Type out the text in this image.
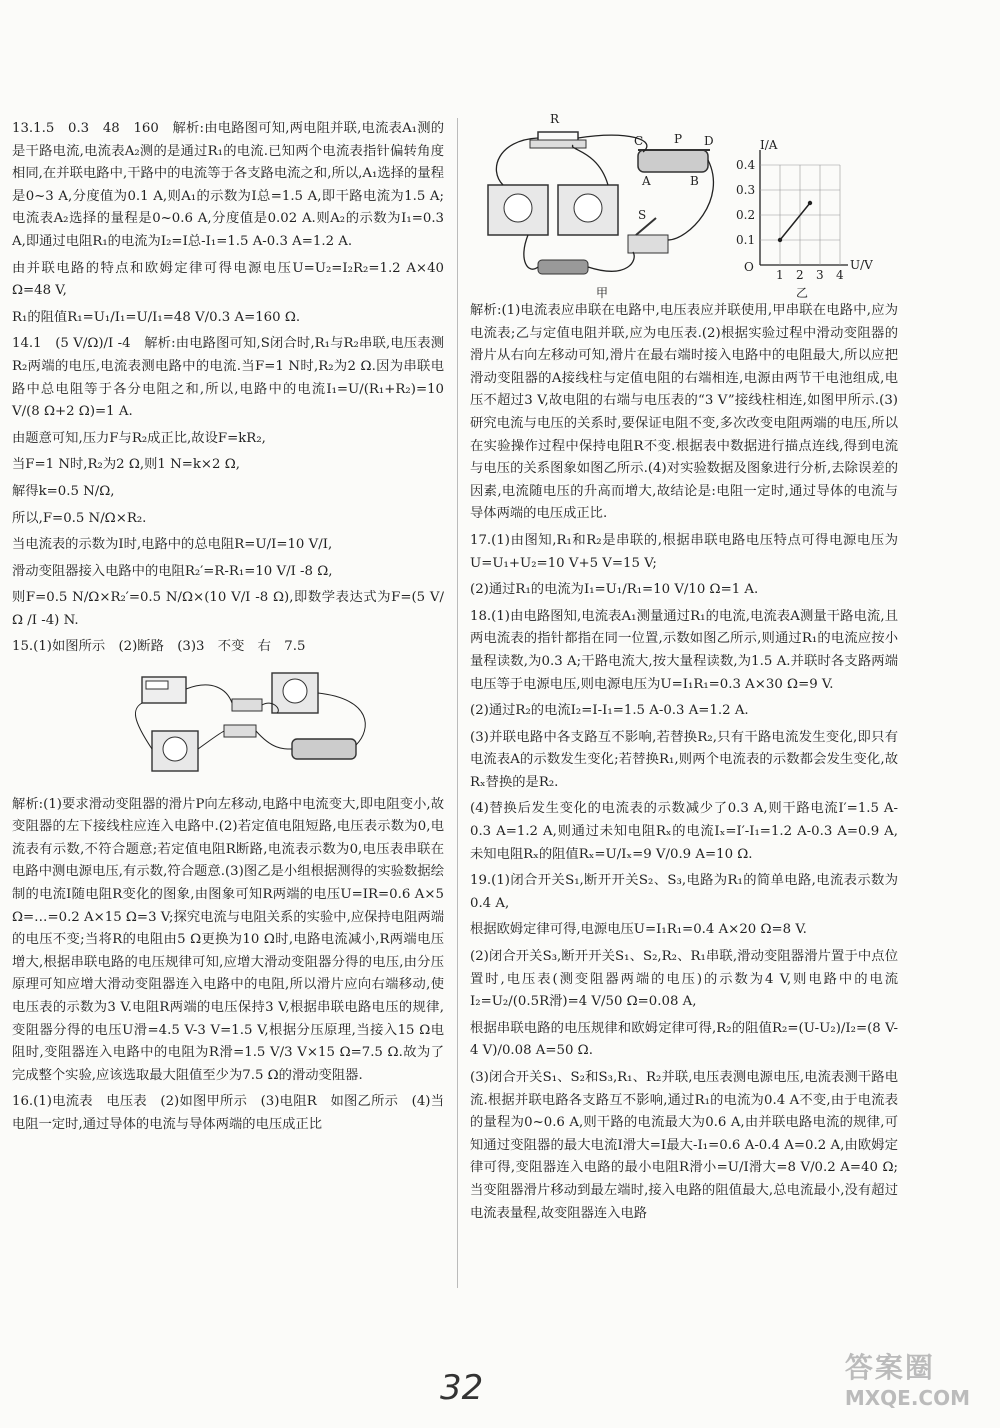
R
C	P D
A	B
S
I/A
U/V
O
0.4
0.3
0.2
0.1
1 2 3 4
甲	乙

13.1.5　0.3　48　160　解析:由电路图可知,两电阻并联,电流表A₁测的是干路电流,电流表A₂测的是通过R₁的电流.已知两个电流表指针偏转角度相同,在并联电路中,干路中的电流等于各支路电流之和,所以,A₁选择的量程是0~3 A,分度值为0.1 A,则A₁的示数为I总=1.5 A,即干路电流为1.5 A;电流表A₂选择的量程是0~0.6 A,分度值是0.02 A.则A₂的示数为I₁=0.3 A,即通过电阻R₁的电流为I₂=I总-I₁=1.5 A-0.3 A=1.2 A.

由并联电路的特点和欧姆定律可得电源电压U=U₂=I₂R₂=1.2 A×40 Ω=48 V,

R₁的阻值R₁=U₁/I₁=U/I₁=48 V/0.3 A=160 Ω.

14.1　(5 V/Ω)/I -4　解析:由电路图可知,S闭合时,R₁与R₂串联,电压表测R₂两端的电压,电流表测电路中的电流.当F=1 N时,R₂为2 Ω.因为串联电路中总电阻等于各分电阻之和,所以,电路中的电流I₁=U/(R₁+R₂)=10 V/(8 Ω+2 Ω)=1 A.

由题意可知,压力F与R₂成正比,故设F=kR₂,

当F=1 N时,R₂为2 Ω,则1 N=k×2 Ω,

解得k=0.5 N/Ω,

所以,F=0.5 N/Ω×R₂.

当电流表的示数为I时,电路中的总电阻R=U/I=10 V/I,

滑动变阻器接入电路中的电阻R₂′=R-R₁=10 V/I -8 Ω,

则F=0.5 N/Ω×R₂′=0.5 N/Ω×(10 V/I -8 Ω),即数学表达式为F=(5 V/Ω /I -4) N.

15.(1)如图所示　(2)断路　(3)3　不变　右　7.5

解析:(1)要求滑动变阻器的滑片P向左移动,电路中电流变大,即电阻变小,故变阻器的左下接线柱应连入电路中.(2)若定值电阻短路,电压表示数为0,电流表有示数,不符合题意;若定值电阻R断路,电流表示数为0,电压表串联在电路中测电源电压,有示数,符合题意.(3)图乙是小组根据测得的实验数据绘制的电流I随电阻R变化的图象,由图象可知R两端的电压U=IR=0.6 A×5 Ω=…=0.2 A×15 Ω=3 V;探究电流与电阻关系的实验中,应保持电阻两端的电压不变;当将R的电阻由5 Ω更换为10 Ω时,电路电流减小,R两端电压增大,根据串联电路的电压规律可知,应增大滑动变阻器分得的电压,由分压原理可知应增大滑动变阻器连入电路中的电阻,所以滑片应向右端移动,使电压表的示数为3 V.电阻R两端的电压保持3 V,根据串联电路电压的规律,变阻器分得的电压U滑=4.5 V-3 V=1.5 V,根据分压原理,当接入15 Ω电阻时,变阻器连入电路中的电阻为R滑=1.5 V/3 V×15 Ω=7.5 Ω.故为了完成整个实验,应该选取最大阻值至少为7.5 Ω的滑动变阻器.

16.(1)电流表　电压表　(2)如图甲所示　(3)电阻R　如图乙所示　(4)当电阻一定时,通过导体的电流与导体两端的电压成正比

解析:(1)电流表应串联在电路中,电压表应并联使用,甲串联在电路中,应为电流表;乙与定值电阻并联,应为电压表.(2)根据实验过程中滑动变阻器的滑片从右向左移动可知,滑片在最右端时接入电路中的电阻最大,所以应把滑动变阻器的A接线柱与定值电阻的右端相连,电源由两节干电池组成,电压不超过3 V,故电阻的右端与电压表的“3 V”接线柱相连,如图甲所示.(3)研究电流与电压的关系时,要保证电阻不变,多次改变电阻两端的电压,所以在实验操作过程中保持电阻R不变.根据表中数据进行描点连线,得到电流与电压的关系图象如图乙所示.(4)对实验数据及图象进行分析,去除误差的因素,电流随电压的升高而增大,故结论是:电阻一定时,通过导体的电流与导体两端的电压成正比.

17.(1)由图知,R₁和R₂是串联的,根据串联电路电压特点可得电源电压为U=U₁+U₂=10 V+5 V=15 V;

(2)通过R₁的电流为I₁=U₁/R₁=10 V/10 Ω=1 A.

18.(1)由电路图知,电流表A₁测量通过R₁的电流,电流表A测量干路电流,且两电流表的指针都指在同一位置,示数如图乙所示,则通过R₁的电流应按小量程读数,为0.3 A;干路电流大,按大量程读数,为1.5 A.并联时各支路两端电压等于电源电压,则电源电压为U=I₁R₁=0.3 A×30 Ω=9 V.

(2)通过R₂的电流I₂=I-I₁=1.5 A-0.3 A=1.2 A.

(3)并联电路中各支路互不影响,若替换R₂,只有干路电流发生变化,即只有电流表A的示数发生变化;若替换R₁,则两个电流表的示数都会发生变化,故Rₓ替换的是R₂.

(4)替换后发生变化的电流表的示数减少了0.3 A,则干路电流I′=1.5 A-0.3 A=1.2 A,则通过未知电阻Rₓ的电流Iₓ=I′-I₁=1.2 A-0.3 A=0.9 A,未知电阻Rₓ的阻值Rₓ=U/Iₓ=9 V/0.9 A=10 Ω.

19.(1)闭合开关S₁,断开开关S₂、S₃,电路为R₁的简单电路,电流表示数为0.4 A,

根据欧姆定律可得,电源电压U=I₁R₁=0.4 A×20 Ω=8 V.

(2)闭合开关S₃,断开开关S₁、S₂,R₂、R₁串联,滑动变阻器滑片置于中点位置时,电压表(测变阻器两端的电压)的示数为4 V,则电路中的电流I₂=U₂/(0.5R滑)=4 V/50 Ω=0.08 A,

根据串联电路的电压规律和欧姆定律可得,R₂的阻值R₂=(U-U₂)/I₂=(8 V-4 V)/0.08 A=50 Ω.

(3)闭合开关S₁、S₂和S₃,R₁、R₂并联,电压表测电源电压,电流表测干路电流.根据并联电路各支路互不影响,通过R₁的电流为0.4 A不变,由于电流表的量程为0~0.6 A,则干路的电流最大为0.6 A,由并联电路电流的规律,可知通过变阻器的最大电流I滑大=I最大-I₁=0.6 A-0.4 A=0.2 A,由欧姆定律可得,变阻器连入电路的最小电阻R滑小=U/I滑大=8 V/0.2 A=40 Ω;当变阻器滑片移动到最左端时,接入电路的阻值最大,总电流最小,没有超过电流表量程,故变阻器连入电路

32
答案圈
MXQE.COM
